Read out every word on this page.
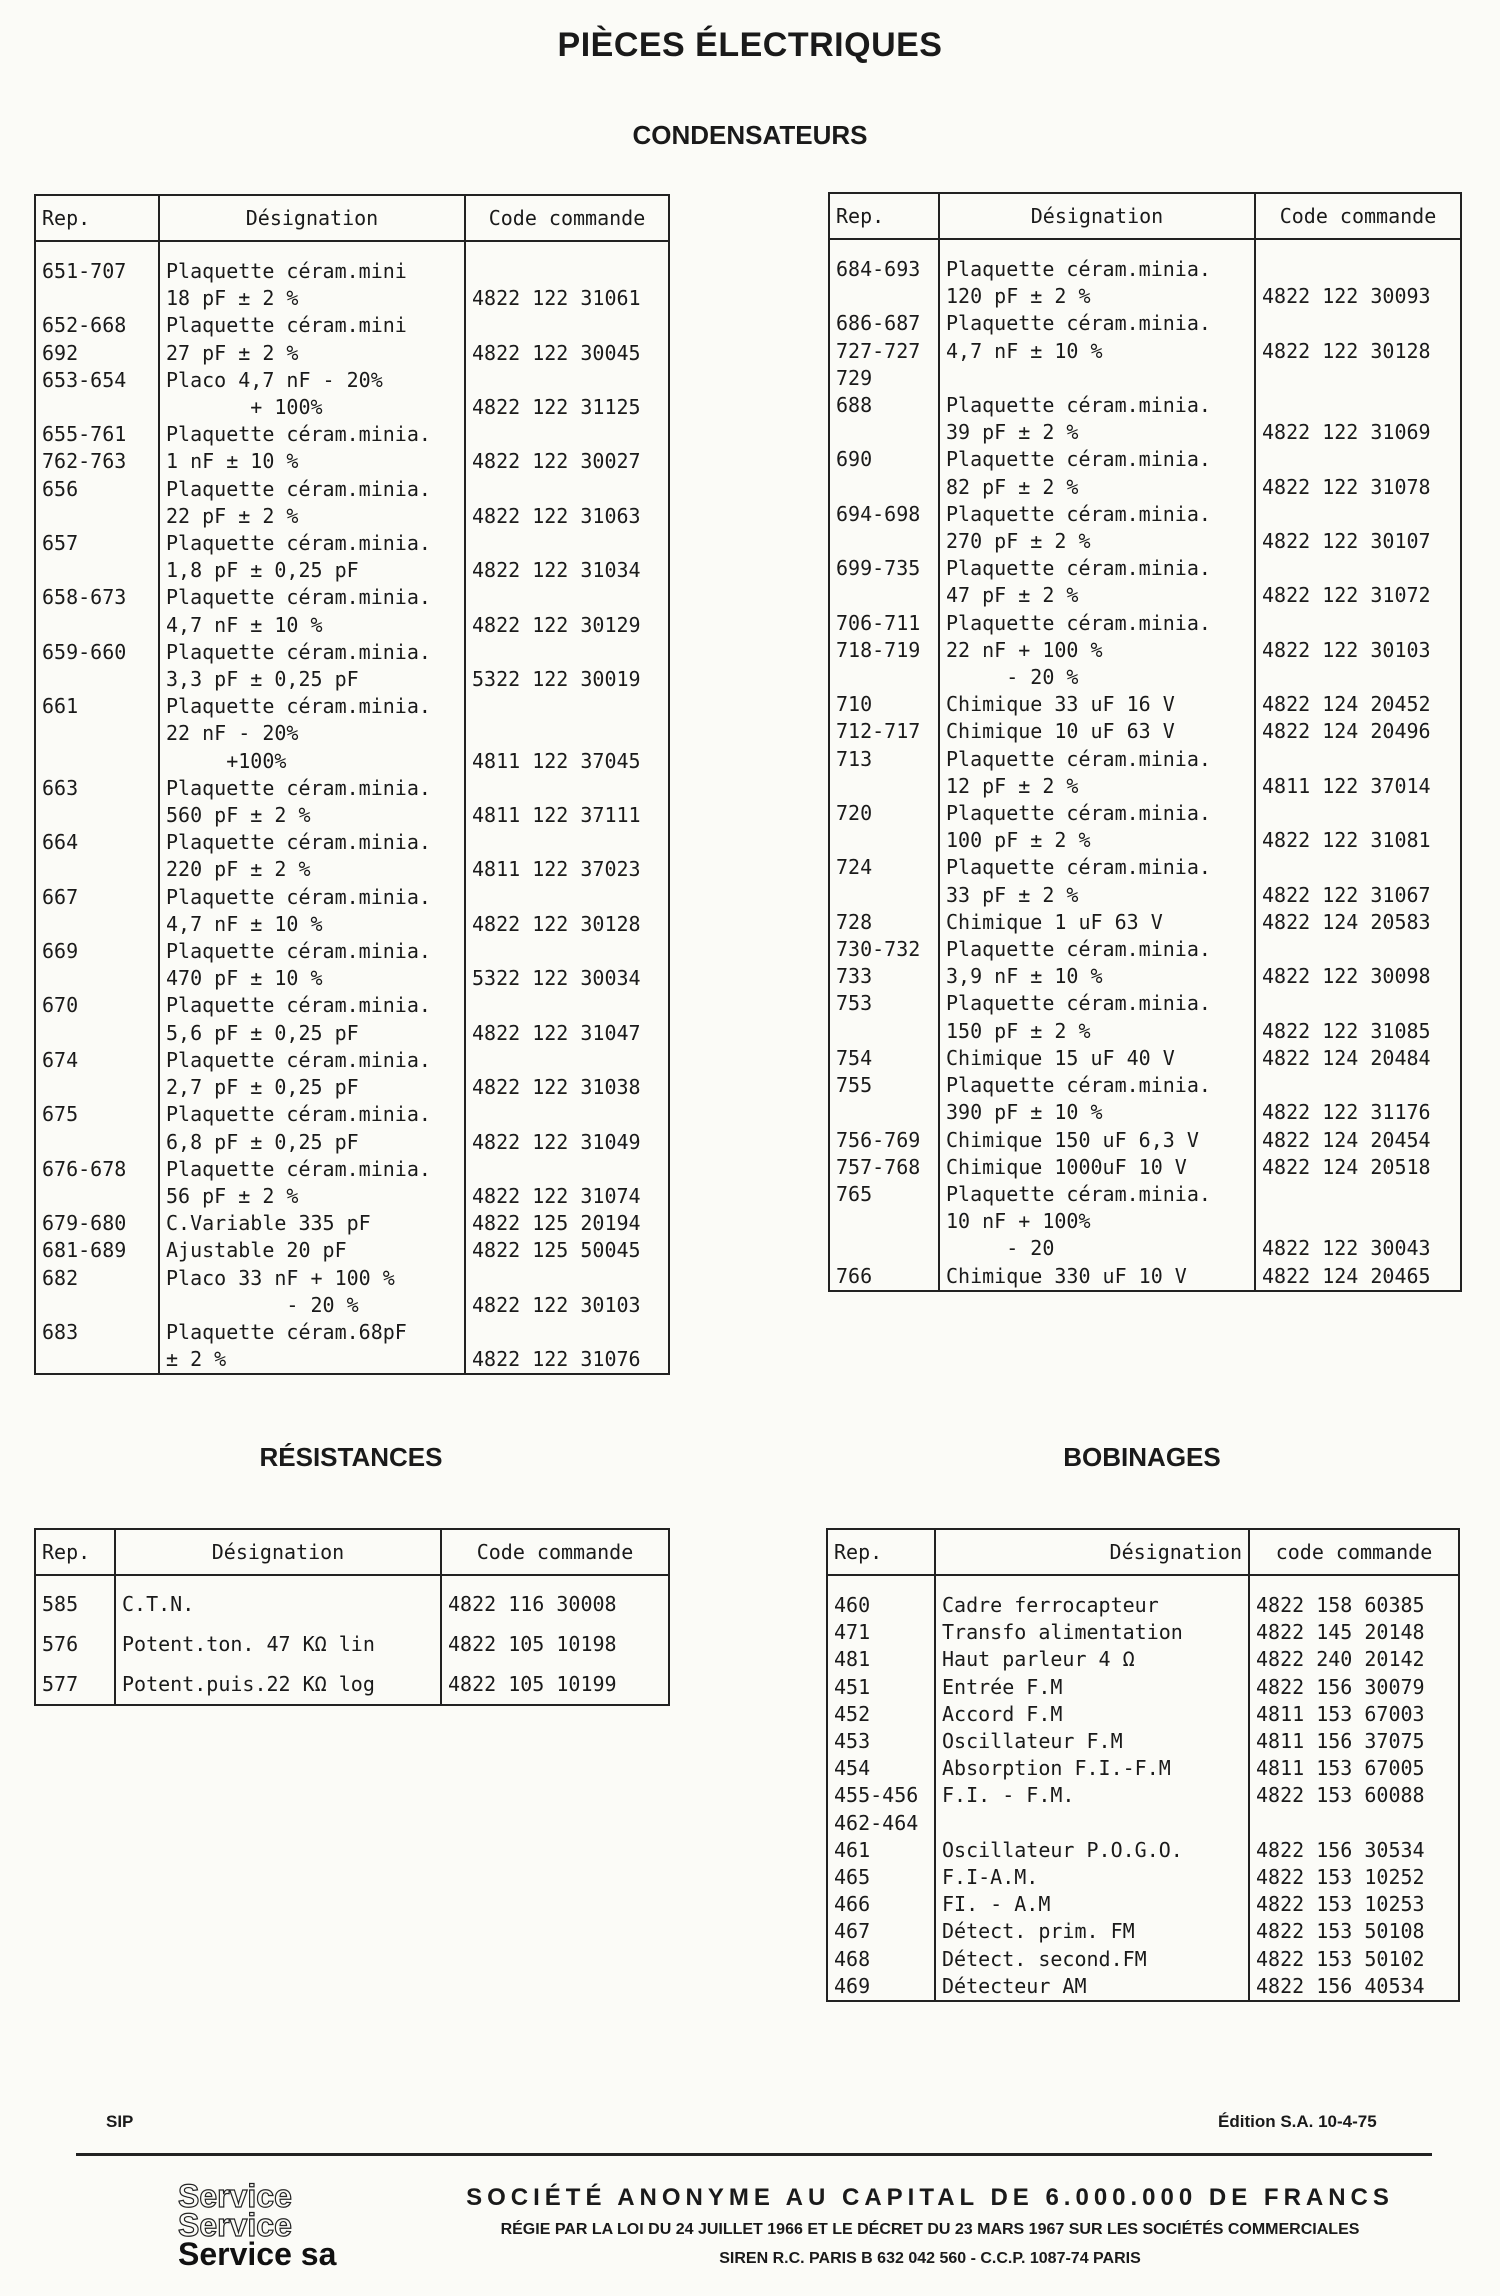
PIÈCES ÉLECTRIQUES
CONDENSATEURS
Rep.	Désignation	Code commande

651-707	Plaquette céram.mini	
	18 pF ± 2 %	4822 122 31061
652-668	Plaquette céram.mini	
692	27 pF ± 2 %	4822 122 30045
653-654	Placo 4,7 nF - 20%	
	+ 100%	4822 122 31125
655-761	Plaquette céram.minia.	
762-763	1 nF ± 10 %	4822 122 30027
656	Plaquette céram.minia.	
	22 pF ± 2 %	4822 122 31063
657	Plaquette céram.minia.	
	1,8 pF ± 0,25 pF	4822 122 31034
658-673	Plaquette céram.minia.	
	4,7 nF ± 10 %	4822 122 30129
659-660	Plaquette céram.minia.	
	3,3 pF ± 0,25 pF	5322 122 30019
661	Plaquette céram.minia.	
	22 nF - 20%	
	+100%	4811 122 37045
663	Plaquette céram.minia.	
	560 pF ± 2 %	4811 122 37111
664	Plaquette céram.minia.	
	220 pF ± 2 %	4811 122 37023
667	Plaquette céram.minia.	
	4,7 nF ± 10 %	4822 122 30128
669	Plaquette céram.minia.	
	470 pF ± 10 %	5322 122 30034
670	Plaquette céram.minia.	
	5,6 pF ± 0,25 pF	4822 122 31047
674	Plaquette céram.minia.	
	2,7 pF ± 0,25 pF	4822 122 31038
675	Plaquette céram.minia.	
	6,8 pF ± 0,25 pF	4822 122 31049
676-678	Plaquette céram.minia.	
	56 pF ± 2 %	4822 122 31074
679-680	C.Variable 335 pF	4822 125 20194
681-689	Ajustable 20 pF	4822 125 50045
682	Placo 33 nF + 100 %	
	- 20 %	4822 122 30103
683	Plaquette céram.68pF	
	± 2 %	4822 122 31076
Rep.	Désignation	Code commande

684-693	Plaquette céram.minia.	
	120 pF ± 2 %	4822 122 30093
686-687	Plaquette céram.minia.	
727-727	4,7 nF ± 10 %	4822 122 30128
729		
688	Plaquette céram.minia.	
	39 pF ± 2 %	4822 122 31069
690	Plaquette céram.minia.	
	82 pF ± 2 %	4822 122 31078
694-698	Plaquette céram.minia.	
	270 pF ± 2 %	4822 122 30107
699-735	Plaquette céram.minia.	
	47 pF ± 2 %	4822 122 31072
706-711	Plaquette céram.minia.	
718-719	22 nF + 100 %	4822 122 30103
	- 20 %	
710	Chimique 33 uF 16 V	4822 124 20452
712-717	Chimique 10 uF 63 V	4822 124 20496
713	Plaquette céram.minia.	
	12 pF ± 2 %	4811 122 37014
720	Plaquette céram.minia.	
	100 pF ± 2 %	4822 122 31081
724	Plaquette céram.minia.	
	33 pF ± 2 %	4822 122 31067
728	Chimique 1 uF 63 V	4822 124 20583
730-732	Plaquette céram.minia.	
733	3,9 nF ± 10 %	4822 122 30098
753	Plaquette céram.minia.	
	150 pF ± 2 %	4822 122 31085
754	Chimique 15 uF 40 V	4822 124 20484
755	Plaquette céram.minia.	
	390 pF ± 10 %	4822 122 31176
756-769	Chimique 150 uF 6,3 V	4822 124 20454
757-768	Chimique 1000uF 10 V	4822 124 20518
765	Plaquette céram.minia.	
	10 nF + 100%	
	- 20	4822 122 30043
766	Chimique 330 uF 10 V	4822 124 20465
RÉSISTANCES	BOBINAGES
Rep.	Désignation	Code commande

585	C.T.N.	4822 116 30008
576	Potent.ton. 47 KΩ lin	4822 105 10198
577	Potent.puis.22 KΩ log	4822 105 10199
Rep.	Désignation	code commande

460	Cadre ferrocapteur	4822 158 60385
471	Transfo alimentation	4822 145 20148
481	Haut parleur 4 Ω	4822 240 20142
451	Entrée F.M	4822 156 30079
452	Accord F.M	4811 153 67003
453	Oscillateur F.M	4811 156 37075
454	Absorption F.I.-F.M	4811 153 67005
455-456	F.I. - F.M.	4822 153 60088
462-464		
461	Oscillateur P.O.G.O.	4822 156 30534
465	F.I-A.M.	4822 153 10252
466	FI. - A.M	4822 153 10253
467	Détect. prim. FM	4822 153 50108
468	Détect. second.FM	4822 153 50102
469	Détecteur AM	4822 156 40534
SIP	Édition S.A. 10-4-75
Service
Service
Service sa
SOCIÉTÉ ANONYME AU CAPITAL DE 6.000.000 DE FRANCS
RÉGIE PAR LA LOI DU 24 JUILLET 1966 ET LE DÉCRET DU 23 MARS 1967 SUR LES SOCIÉTÉS COMMERCIALES
SIREN R.C. PARIS B 632 042 560 - C.C.P. 1087-74 PARIS
